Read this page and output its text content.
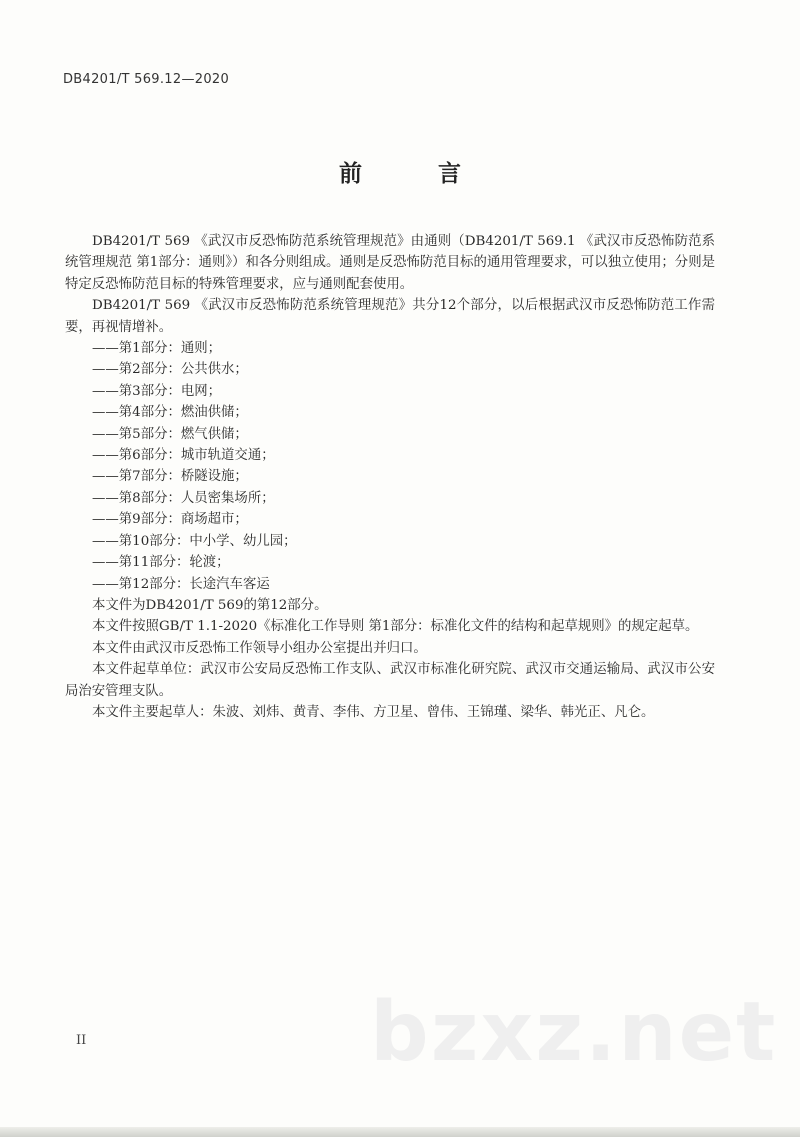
DB4201/T 569.12—2020
前 言

DB4201/T 569 《武汉市反恐怖防范系统管理规范》由通则（DB4201/T 569.1 《武汉市反恐怖防范系统管理规范 第1部分：通则》）和各分则组成。通则是反恐怖防范目标的通用管理要求，可以独立使用；分则是特定反恐怖防范目标的特殊管理要求，应与通则配套使用。

DB4201/T 569 《武汉市反恐怖防范系统管理规范》共分12个部分，以后根据武汉市反恐怖防范工作需要，再视情增补。

——第1部分：通则；

——第2部分：公共供水；

——第3部分：电网；

——第4部分：燃油供储；

——第5部分：燃气供储；

——第6部分：城市轨道交通；

——第7部分：桥隧设施；

——第8部分：人员密集场所；

——第9部分：商场超市；

——第10部分：中小学、幼儿园；

——第11部分：轮渡；

——第12部分：长途汽车客运

本文件为DB4201/T 569的第12部分。

本文件按照GB/T 1.1-2020《标准化工作导则 第1部分：标准化文件的结构和起草规则》的规定起草。

本文件由武汉市反恐怖工作领导小组办公室提出并归口。

本文件起草单位：武汉市公安局反恐怖工作支队、武汉市标准化研究院、武汉市交通运输局、武汉市公安局治安管理支队。

本文件主要起草人：朱波、刘炜、黄青、李伟、方卫星、曾伟、王锦瑾、梁华、韩光正、凡仑。

bzxz.net
II
